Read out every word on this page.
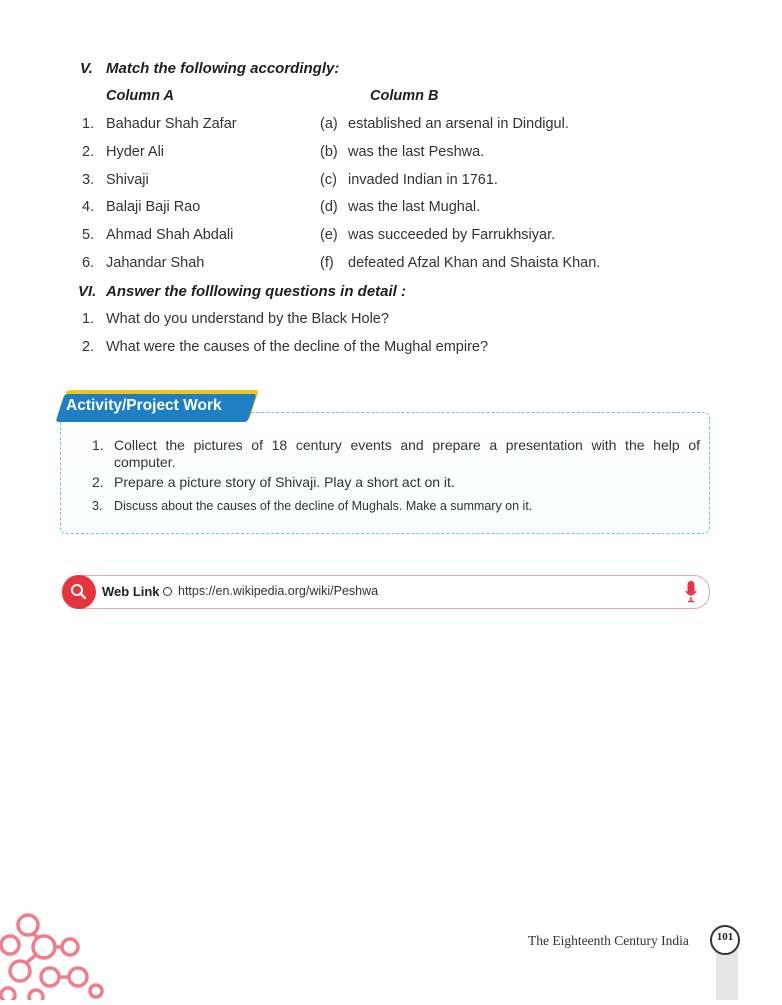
V. Match the following accordingly:
Column A	Column B
1. Bahadur Shah Zafar	(a) established an arsenal in Dindigul.
2. Hyder Ali	(b) was the last Peshwa.
3. Shivaji	(c) invaded Indian in 1761.
4. Balaji Baji Rao	(d) was the last Mughal.
5. Ahmad Shah Abdali	(e) was succeeded by Farrukhsiyar.
6. Jahandar Shah	(f) defeated Afzal Khan and Shaista Khan.
VI. Answer the folllowing questions in detail :
1. What do you understand by the Black Hole?
2. What were the causes of the decline of the Mughal empire?
Activity/Project Work
1. Collect the pictures of 18 century events and prepare a presentation with the help of computer.
2. Prepare a picture story of Shivaji. Play a short act on it.
3. Discuss about the causes of the decline of Mughals. Make a summary on it.
Web Link https://en.wikipedia.org/wiki/Peshwa
The Eighteenth Century India	101
